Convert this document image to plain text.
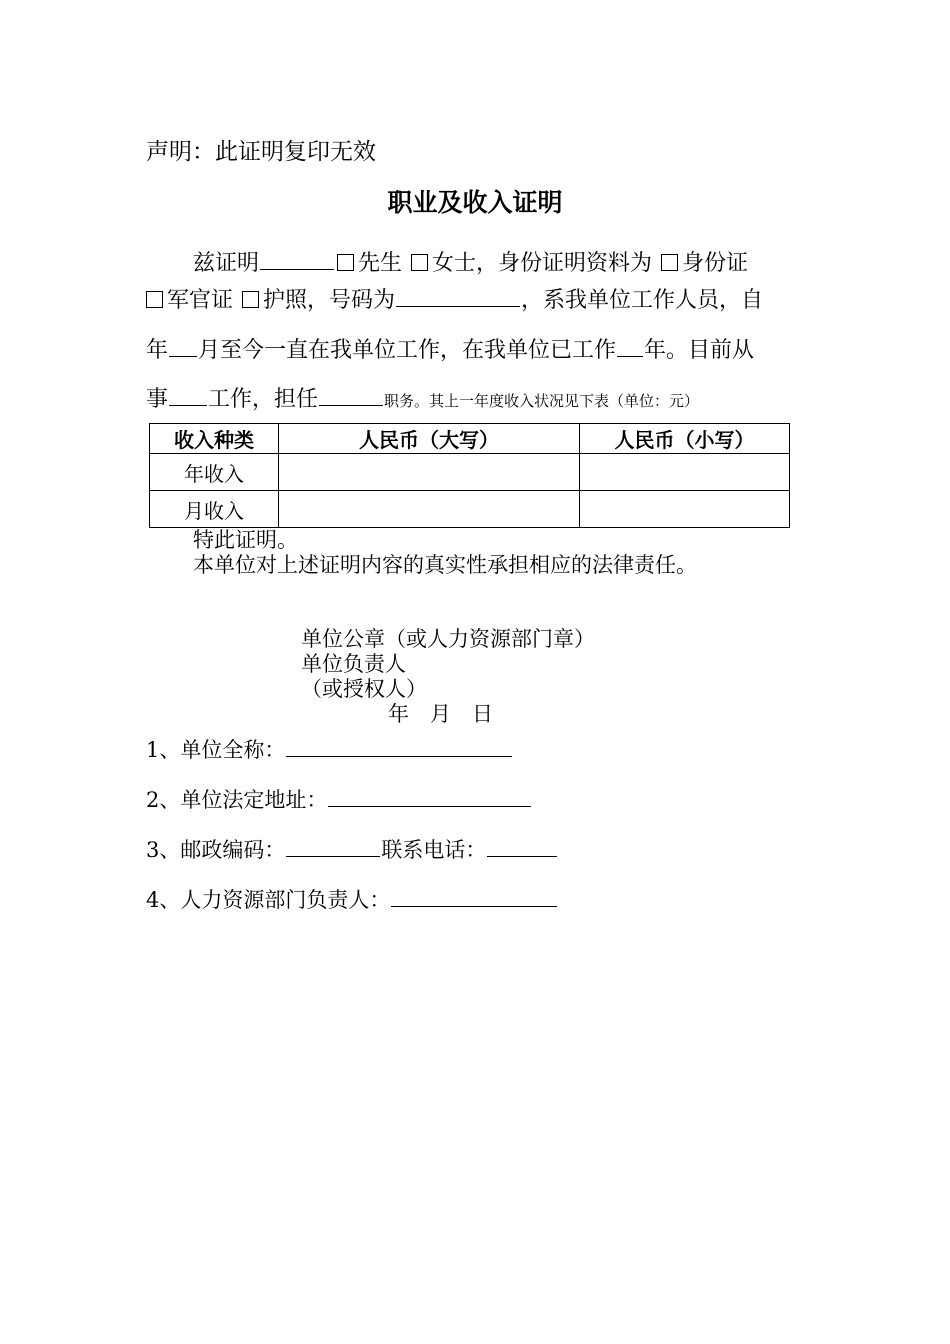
声明：此证明复印无效
职业及收入证明
兹证明	先生 女士，身份证明资料为 身份证
军官证 护照，号码为	，系我单位工作人员，自
年 月至今一直在我单位工作，在我单位已工作 年。目前从
事 工作，担任	职务。其上一年度收入状况见下表（单位：元）
收入种类	人民币（大写）	人民币（小写）
年收入		
月收入		
特此证明。
本单位对上述证明内容的真实性承担相应的法律责任。
单位公章（或人力资源部门章）
单位负责人
（或授权人）
年　月　日
1、单位全称：
2、单位法定地址：
3、邮政编码：	联系电话：
4、人力资源部门负责人：
